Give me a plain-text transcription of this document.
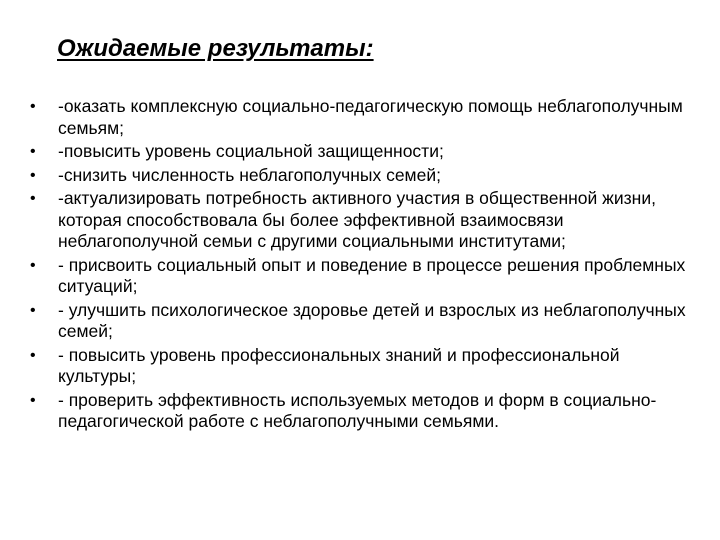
Ожидаемые результаты:
• -оказать комплексную социально-педагогическую помощь неблагополучным семьям;
• -повысить уровень социальной защищенности;
• -снизить численность неблагополучных семей;
• -актуализировать потребность активного участия в общественной жизни, которая способствовала бы более эффективной взаимосвязи неблагополучной семьи с другими социальными институтами;
• - присвоить социальный опыт и поведение в процессе решения проблемных ситуаций;
• - улучшить психологическое здоровье детей и взрослых из неблагополучных семей;
• - повысить уровень профессиональных знаний и профессиональной культуры;
• - проверить эффективность используемых методов и форм в социально-педагогической работе с неблагополучными семьями.
